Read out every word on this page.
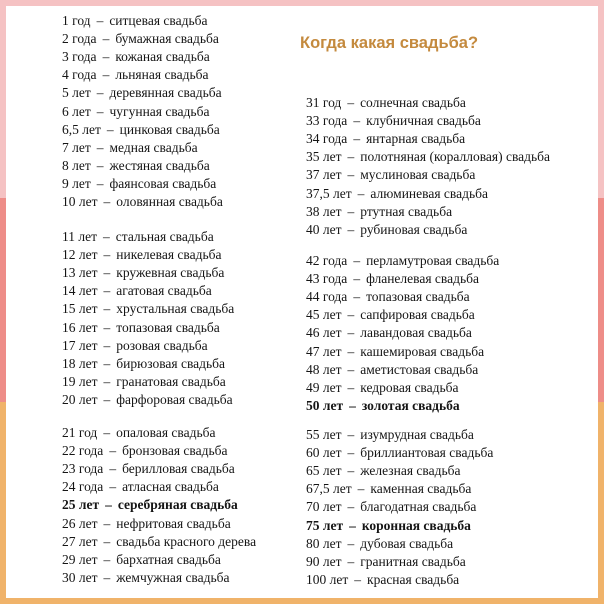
Когда какая свадьба?
1 год – ситцевая свадьба
2 года – бумажная свадьба
3 года – кожаная свадьба
4 года – льняная свадьба
5 лет – деревянная свадьба
6 лет – чугунная свадьба
6,5 лет – цинковая свадьба
7 лет – медная свадьба
8 лет – жестяная свадьба
9 лет – фаянсовая свадьба
10 лет – оловянная свадьба
11 лет – стальная свадьба
12 лет – никелевая свадьба
13 лет – кружевная свадьба
14 лет – агатовая свадьба
15 лет – хрустальная свадьба
16 лет – топазовая свадьба
17 лет – розовая свадьба
18 лет – бирюзовая свадьба
19 лет – гранатовая свадьба
20 лет – фарфоровая свадьба
21 год – опаловая свадьба
22 года – бронзовая свадьба
23 года – берилловая свадьба
24 года – атласная свадьба
25 лет – серебряная свадьба
26 лет – нефритовая свадьба
27 лет – свадьба красного дерева
29 лет – бархатная свадьба
30 лет – жемчужная свадьба
31 год – солнечная свадьба
33 года – клубничная свадьба
34 года – янтарная свадьба
35 лет – полотняная (коралловая) свадьба
37 лет – муслиновая свадьба
37,5 лет – алюминевая свадьба
38 лет – ртутная свадьба
40 лет – рубиновая свадьба
42 года – перламутровая свадьба
43 года – фланелевая свадьба
44 года – топазовая свадьба
45 лет – сапфировая свадьба
46 лет – лавандовая свадьба
47 лет – кашемировая свадьба
48 лет – аметистовая свадьба
49 лет – кедровая свадьба
50 лет – золотая свадьба
55 лет – изумрудная свадьба
60 лет – бриллиантовая свадьба
65 лет – железная свадьба
67,5 лет – каменная свадьба
70 лет – благодатная свадьба
75 лет – коронная свадьба
80 лет – дубовая свадьба
90 лет – гранитная свадьба
100 лет – красная свадьба
